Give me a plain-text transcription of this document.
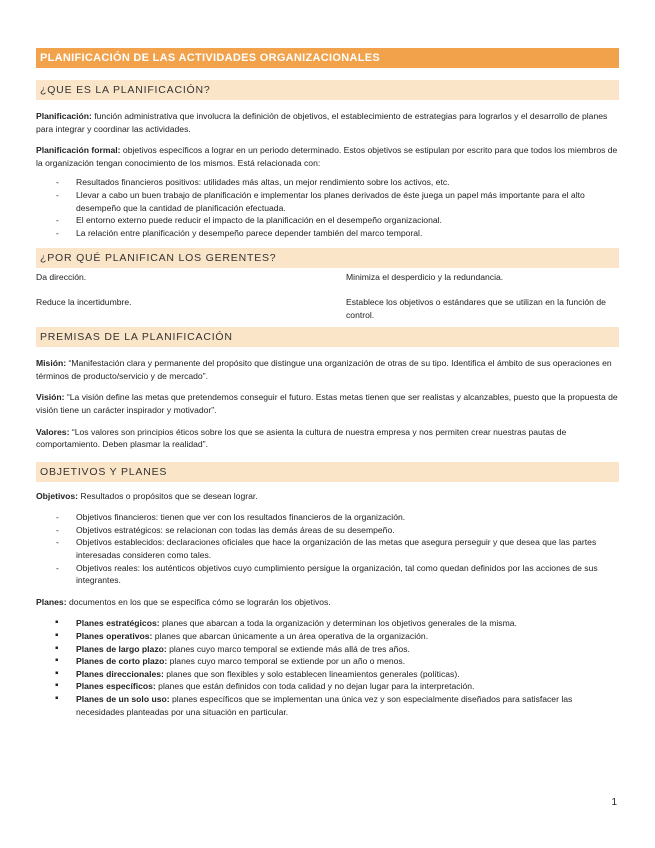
PLANIFICACIÓN DE LAS ACTIVIDADES ORGANIZACIONALES
¿QUE ES LA PLANIFICACIÓN?
Planificación: función administrativa que involucra la definición de objetivos, el establecimiento de estrategias para lograrlos y el desarrollo de planes para integrar y coordinar las actividades.
Planificación formal: objetivos específicos a lograr en un periodo determinado. Estos objetivos se estipulan por escrito para que todos los miembros de la organización tengan conocimiento de los mismos. Está relacionada con:
- Resultados financieros positivos: utilidades más altas, un mejor rendimiento sobre los activos, etc.
- Llevar a cabo un buen trabajo de planificación e implementar los planes derivados de éste juega un papel más importante para el alto desempeño que la cantidad de planificación efectuada.
- El entorno externo puede reducir el impacto de la planificación en el desempeño organizacional.
- La relación entre planificación y desempeño parece depender también del marco temporal.
¿POR QUÉ PLANIFICAN LOS GERENTES?
Da dirección.	Minimiza el desperdicio y la redundancia.
Reduce la incertidumbre.	Establece los objetivos o estándares que se utilizan en la función de control.
PREMISAS DE LA PLANIFICACIÓN
Misión: “Manifestación clara y permanente del propósito que distingue una organización de otras de su tipo. Identifica el ámbito de sus operaciones en términos de producto/servicio y de mercado”.
Visión: “La visión define las metas que pretendemos conseguir el futuro. Estas metas tienen que ser realistas y alcanzables, puesto que la propuesta de visión tiene un carácter inspirador y motivador”.
Valores: “Los valores son principios éticos sobre los que se asienta la cultura de nuestra empresa y nos permiten crear nuestras pautas de comportamiento. Deben plasmar la realidad”.
OBJETIVOS Y PLANES
Objetivos: Resultados o propósitos que se desean lograr.
- Objetivos financieros: tienen que ver con los resultados financieros de la organización.
- Objetivos estratégicos: se relacionan con todas las demás áreas de su desempeño.
- Objetivos establecidos: declaraciones oficiales que hace la organización de las metas que asegura perseguir y que desea que las partes interesadas consideren como tales.
- Objetivos reales: los auténticos objetivos cuyo cumplimiento persigue la organización, tal como quedan definidos por las acciones de sus integrantes.
Planes: documentos en los que se especifica cómo se lograrán los objetivos.
▪ Planes estratégicos: planes que abarcan a toda la organización y determinan los objetivos generales de la misma.
▪ Planes operativos: planes que abarcan únicamente a un área operativa de la organización.
▪ Planes de largo plazo: planes cuyo marco temporal se extiende más allá de tres años.
▪ Planes de corto plazo: planes cuyo marco temporal se extiende por un año o menos.
▪ Planes direccionales: planes que son flexibles y solo establecen lineamientos generales (políticas).
▪ Planes específicos: planes que están definidos con toda calidad y no dejan lugar para la interpretación.
▪ Planes de un solo uso: planes específicos que se implementan una única vez y son especialmente diseñados para satisfacer las necesidades planteadas por una situación en particular.
1
